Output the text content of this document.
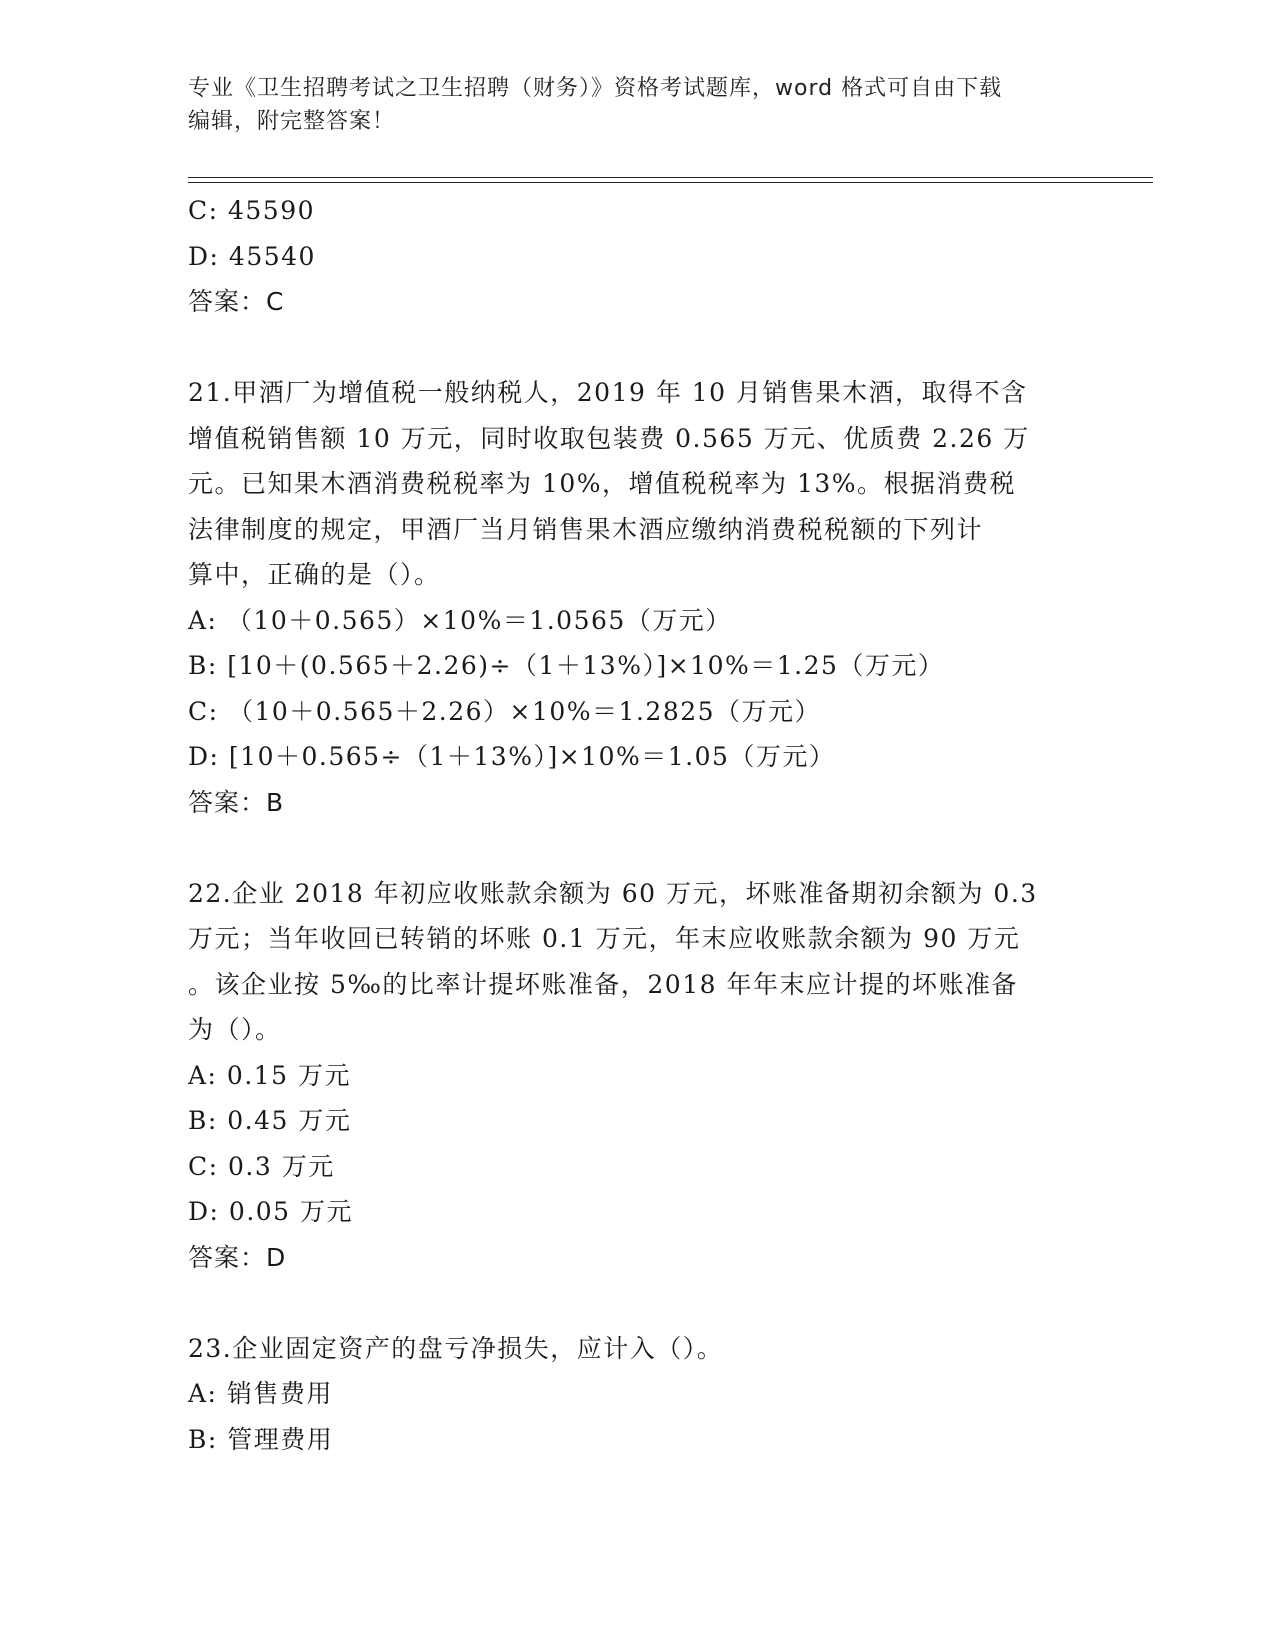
专业《卫生招聘考试之卫生招聘（财务）》资格考试题库，word 格式可自由下载
编辑，附完整答案！
C: 45590
D: 45540
答案：C
21.甲酒厂为增值税一般纳税人，2019 年 10 月销售果木酒，取得不含
增值税销售额 10 万元，同时收取包装费 0.565 万元、优质费 2.26 万
元。已知果木酒消费税税率为 10%，增值税税率为 13%。根据消费税
法律制度的规定，甲酒厂当月销售果木酒应缴纳消费税税额的下列计
算中，正确的是（）。
A: （10＋0.565）×10%＝1.0565（万元）
B: [10＋(0.565＋2.26)÷（1＋13%）]×10%＝1.25（万元）
C: （10＋0.565＋2.26）×10%＝1.2825（万元）
D: [10＋0.565÷（1＋13%）]×10%＝1.05（万元）
答案：B
22.企业 2018 年初应收账款余额为 60 万元，坏账准备期初余额为 0.3
万元；当年收回已转销的坏账 0.1 万元，年末应收账款余额为 90 万元
。该企业按 5‰的比率计提坏账准备，2018 年年末应计提的坏账准备
为（）。
A: 0.15 万元
B: 0.45 万元
C: 0.3 万元
D: 0.05 万元
答案：D
23.企业固定资产的盘亏净损失，应计入（）。
A: 销售费用
B: 管理费用
